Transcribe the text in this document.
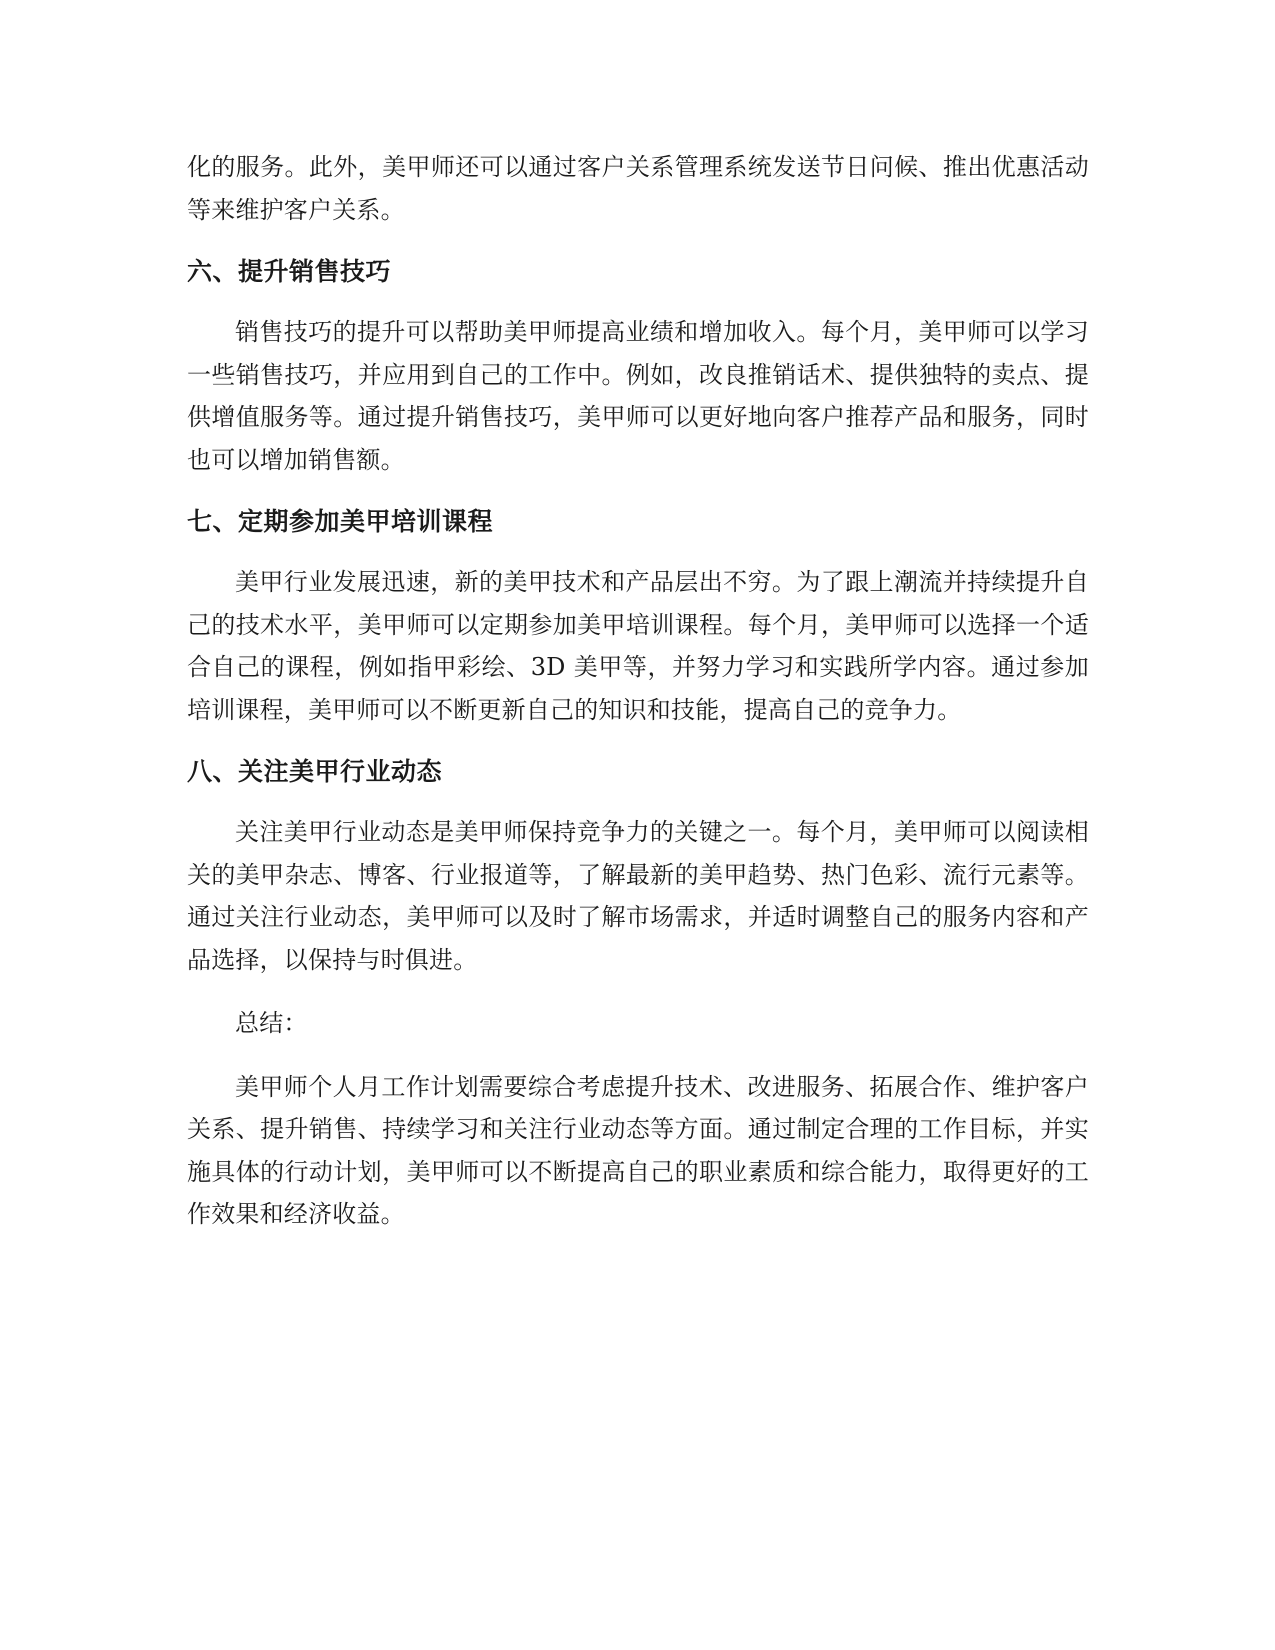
化的服务。此外，美甲师还可以通过客户关系管理系统发送节日问候、推出优惠活动等来维护客户关系。

六、提升销售技巧

销售技巧的提升可以帮助美甲师提高业绩和增加收入。每个月，美甲师可以学习一些销售技巧，并应用到自己的工作中。例如，改良推销话术、提供独特的卖点、提供增值服务等。通过提升销售技巧，美甲师可以更好地向客户推荐产品和服务，同时也可以增加销售额。

七、定期参加美甲培训课程

美甲行业发展迅速，新的美甲技术和产品层出不穷。为了跟上潮流并持续提升自己的技术水平，美甲师可以定期参加美甲培训课程。每个月，美甲师可以选择一个适合自己的课程，例如指甲彩绘、3D 美甲等，并努力学习和实践所学内容。通过参加培训课程，美甲师可以不断更新自己的知识和技能，提高自己的竞争力。

八、关注美甲行业动态

关注美甲行业动态是美甲师保持竞争力的关键之一。每个月，美甲师可以阅读相关的美甲杂志、博客、行业报道等，了解最新的美甲趋势、热门色彩、流行元素等。通过关注行业动态，美甲师可以及时了解市场需求，并适时调整自己的服务内容和产品选择，以保持与时俱进。

总结：

美甲师个人月工作计划需要综合考虑提升技术、改进服务、拓展合作、维护客户关系、提升销售、持续学习和关注行业动态等方面。通过制定合理的工作目标，并实施具体的行动计划，美甲师可以不断提高自己的职业素质和综合能力，取得更好的工作效果和经济收益。
